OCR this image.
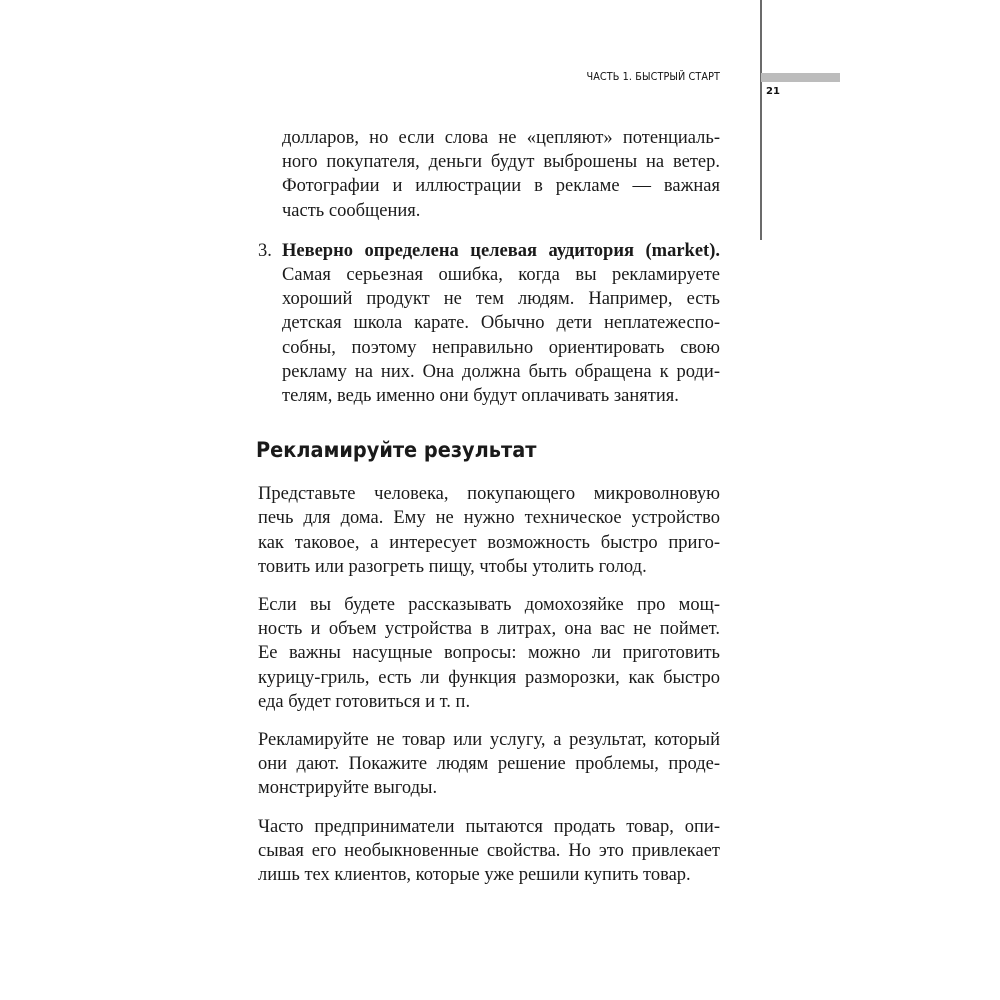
ЧАСТЬ 1. БЫСТРЫЙ СТАРТ
21
долларов, но если слова не «цепляют» потенциаль-
ного покупателя, деньги будут выброшены на ветер.
Фотографии и иллюстрации в рекламе — важная
часть сообщения.
3. Неверно определена целевая аудитория (market).
Самая серьезная ошибка, когда вы рекламируете
хороший продукт не тем людям. Например, есть
детская школа карате. Обычно дети неплатежеспо-
собны, поэтому неправильно ориентировать свою
рекламу на них. Она должна быть обращена к роди-
телям, ведь именно они будут оплачивать занятия.
Рекламируйте результат
Представьте человека, покупающего микроволновую
печь для дома. Ему не нужно техническое устройство
как таковое, а интересует возможность быстро приго-
товить или разогреть пищу, чтобы утолить голод.
Если вы будете рассказывать домохозяйке про мощ-
ность и объем устройства в литрах, она вас не поймет.
Ее важны насущные вопросы: можно ли приготовить
курицу-гриль, есть ли функция разморозки, как быстро
еда будет готовиться и т. п.
Рекламируйте не товар или услугу, а результат, который
они дают. Покажите людям решение проблемы, проде-
монстрируйте выгоды.
Часто предприниматели пытаются продать товар, опи-
сывая его необыкновенные свойства. Но это привлекает
лишь тех клиентов, которые уже решили купить товар.
